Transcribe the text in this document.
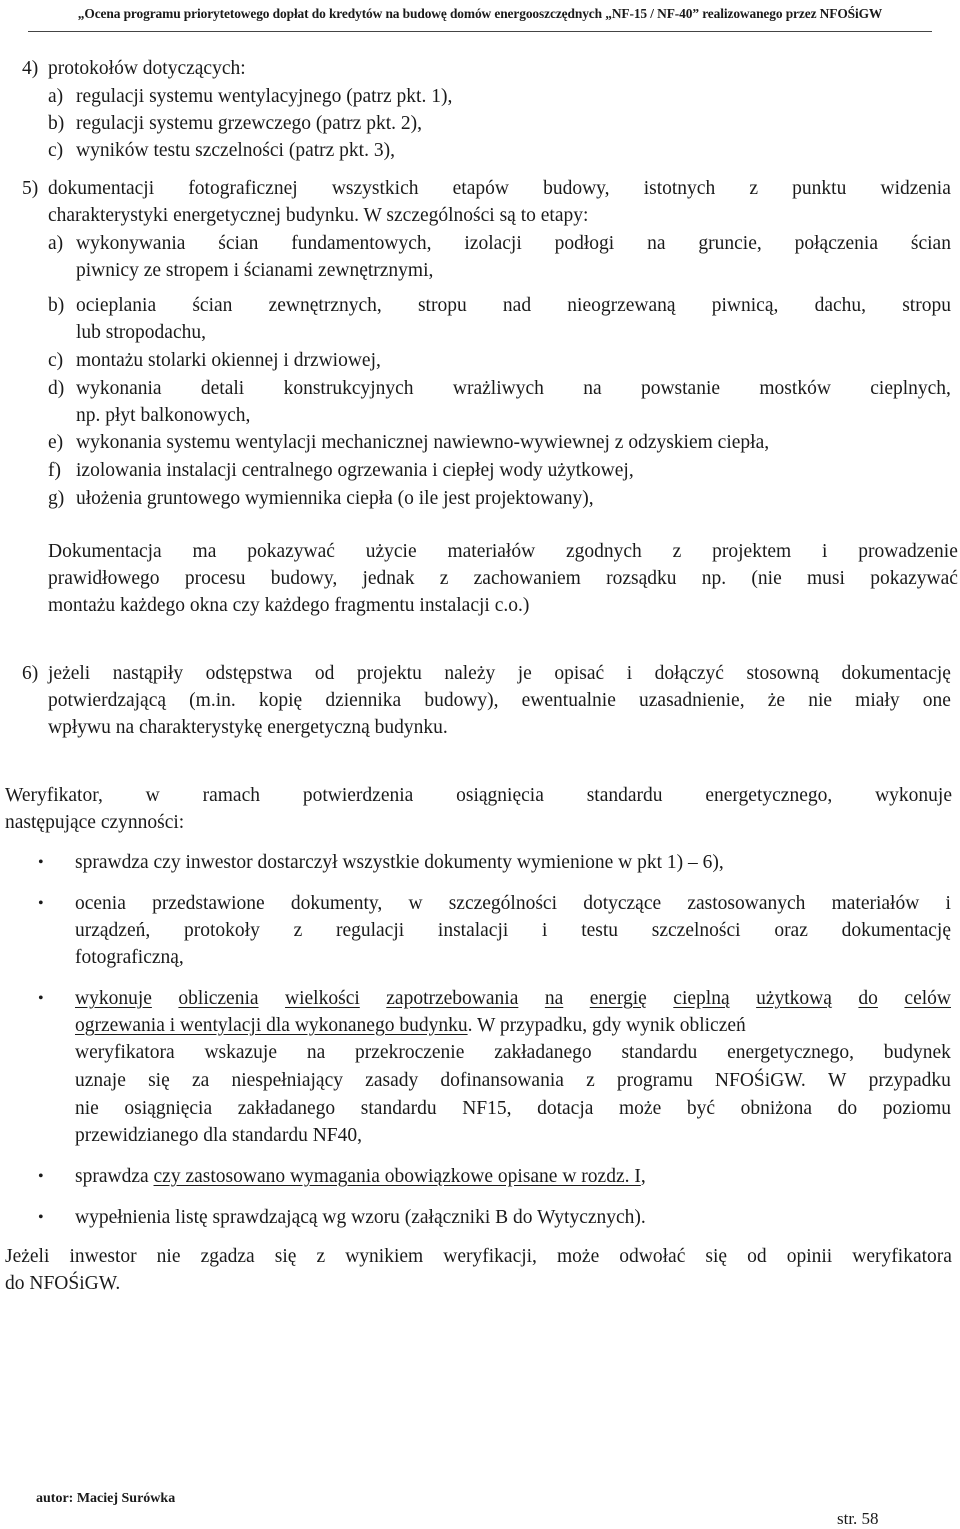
„Ocena programu priorytetowego dopłat do kredytów na budowę domów energooszczędnych „NF-15 / NF-40” realizowanego przez NFOŚiGW
4) protokołów dotyczących:
a) regulacji systemu wentylacyjnego (patrz pkt. 1),
b) regulacji systemu grzewczego (patrz pkt. 2),
c) wyników testu szczelności (patrz pkt. 3),
5) dokumentacji fotograficznej wszystkich etapów budowy, istotnych z punktu widzenia
charakterystyki energetycznej budynku. W szczególności są to etapy:
a) wykonywania ścian fundamentowych, izolacji podłogi na gruncie, połączenia ścian
piwnicy ze stropem i ścianami zewnętrznymi,
b) ocieplania ścian zewnętrznych, stropu nad nieogrzewaną piwnicą, dachu, stropu
lub stropodachu,
c) montażu stolarki okiennej i drzwiowej,
d) wykonania detali konstrukcyjnych wrażliwych na powstanie mostków cieplnych,
np. płyt balkonowych,
e) wykonania systemu wentylacji mechanicznej nawiewno-wywiewnej z odzyskiem ciepła,
f) izolowania instalacji centralnego ogrzewania i ciepłej wody użytkowej,
g) ułożenia gruntowego wymiennika ciepła (o ile jest projektowany),
Dokumentacja ma pokazywać użycie materiałów zgodnych z projektem i prowadzenie
prawidłowego procesu budowy, jednak z zachowaniem rozsądku np. (nie musi pokazywać
montażu każdego okna czy każdego fragmentu instalacji c.o.)
6) jeżeli nastąpiły odstępstwa od projektu należy je opisać i dołączyć stosowną dokumentację
potwierdzającą (m.in. kopię dziennika budowy), ewentualnie uzasadnienie, że nie miały one
wpływu na charakterystykę energetyczną budynku.
Weryfikator, w ramach potwierdzenia osiągnięcia standardu energetycznego, wykonuje
następujące czynności:
• sprawdza czy inwestor dostarczył wszystkie dokumenty wymienione w pkt 1) – 6),
• ocenia przedstawione dokumenty, w szczególności dotyczące zastosowanych materiałów i
urządzeń, protokoły z regulacji instalacji i testu szczelności oraz dokumentację
fotograficzną,
• wykonuje obliczenia wielkości zapotrzebowania na energię cieplną użytkową do celów
ogrzewania i wentylacji dla wykonanego budynku. W przypadku, gdy wynik obliczeń
weryfikatora wskazuje na przekroczenie zakładanego standardu energetycznego, budynek
uznaje się za niespełniający zasady dofinansowania z programu NFOŚiGW. W przypadku
nie osiągnięcia zakładanego standardu NF15, dotacja może być obniżona do poziomu
przewidzianego dla standardu NF40,
• sprawdza czy zastosowano wymagania obowiązkowe opisane w rozdz. I,
• wypełnienia listę sprawdzającą wg wzoru (załączniki B do Wytycznych).
Jeżeli inwestor nie zgadza się z wynikiem weryfikacji, może odwołać się od opinii weryfikatora
do NFOŚiGW.
autor: Maciej Surówka
str. 58
